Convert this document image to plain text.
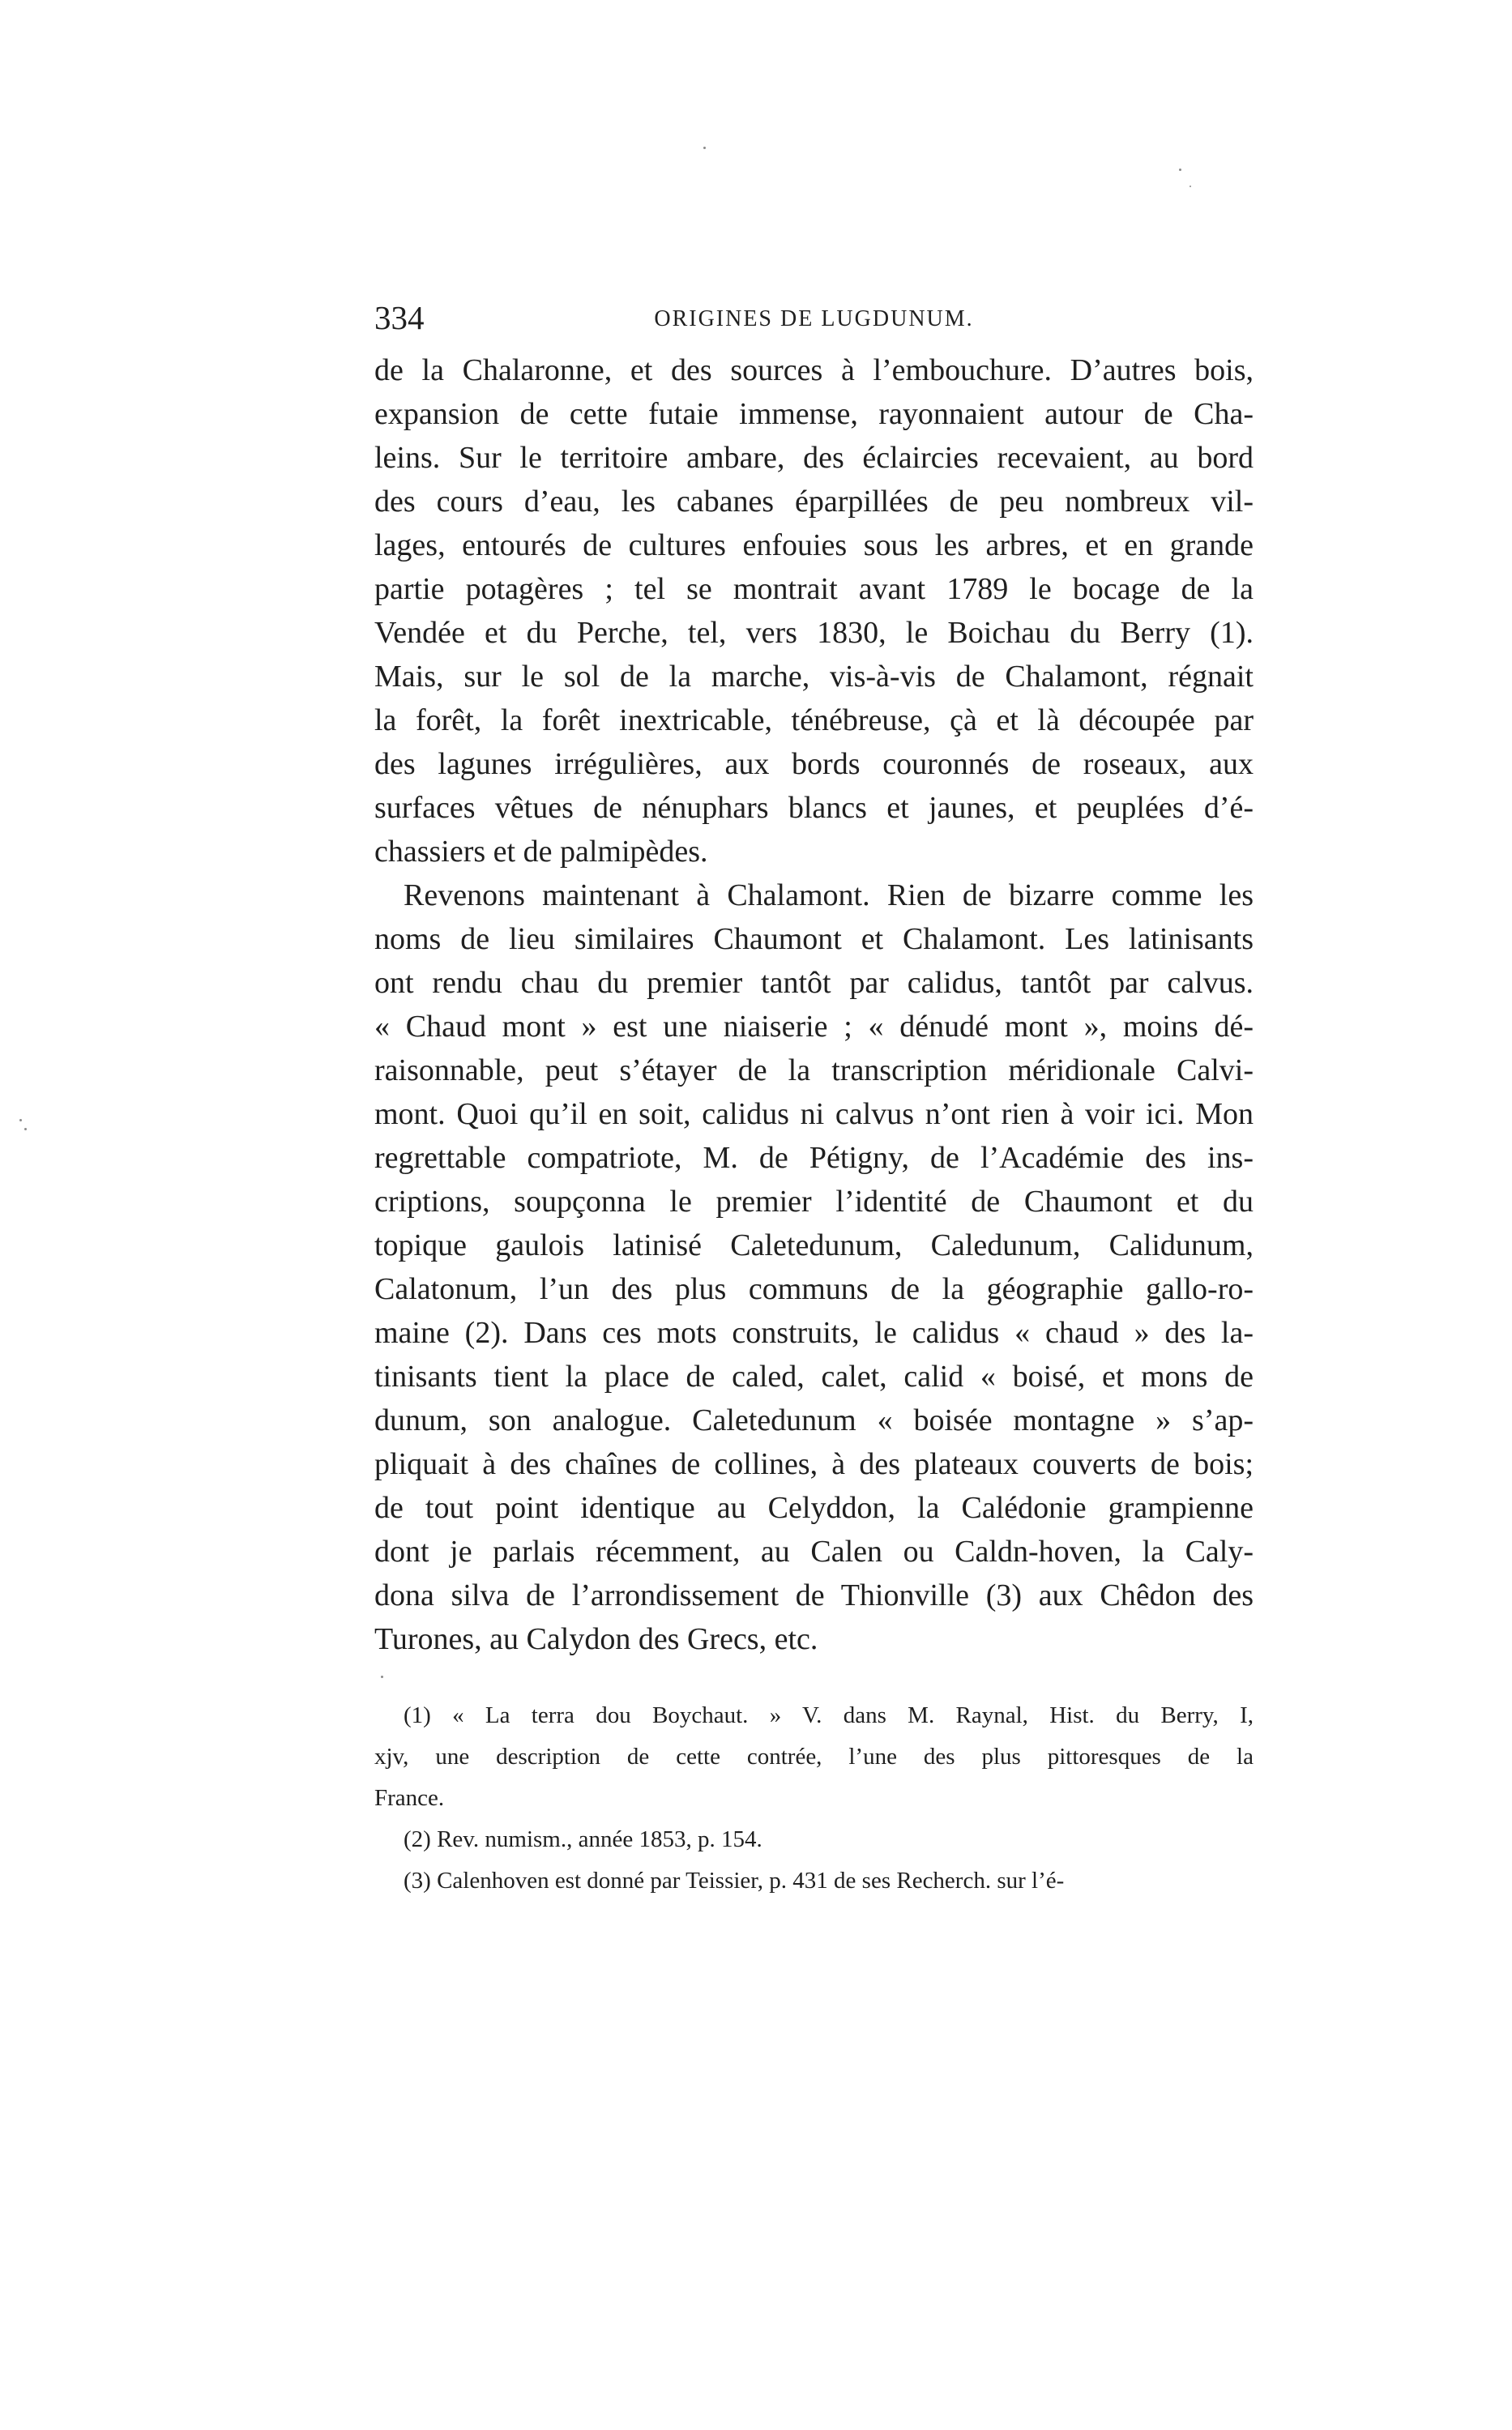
334	ORIGINES DE LUGDUNUM.
de la Chalaronne, et des sources à l’embouchure. D’autres bois,
expansion de cette futaie immense, rayonnaient autour de Cha-
leins. Sur le territoire ambare, des éclaircies recevaient, au bord
des cours d’eau, les cabanes éparpillées de peu nombreux vil-
lages, entourés de cultures enfouies sous les arbres, et en grande
partie potagères ; tel se montrait avant 1789 le bocage de la
Vendée et du Perche, tel, vers 1830, le Boichau du Berry (1).
Mais, sur le sol de la marche, vis-à-vis de Chalamont, régnait
la forêt, la forêt inextricable, ténébreuse, çà et là découpée par
des lagunes irrégulières, aux bords couronnés de roseaux, aux
surfaces vêtues de nénuphars blancs et jaunes, et peuplées d’é-
chassiers et de palmipèdes.
Revenons maintenant à Chalamont. Rien de bizarre comme les
noms de lieu similaires Chaumont et Chalamont. Les latinisants
ont rendu chau du premier tantôt par calidus, tantôt par calvus.
« Chaud mont » est une niaiserie ; « dénudé mont », moins dé-
raisonnable, peut s’étayer de la transcription méridionale Calvi-
mont. Quoi qu’il en soit, calidus ni calvus n’ont rien à voir ici. Mon
regrettable compatriote, M. de Pétigny, de l’Académie des ins-
criptions, soupçonna le premier l’identité de Chaumont et du
topique gaulois latinisé Caletedunum, Caledunum, Calidunum,
Calatonum, l’un des plus communs de la géographie gallo-ro-
maine (2). Dans ces mots construits, le calidus « chaud » des la-
tinisants tient la place de caled, calet, calid « boisé, et mons de
dunum, son analogue. Caletedunum « boisée montagne » s’ap-
pliquait à des chaînes de collines, à des plateaux couverts de bois;
de tout point identique au Celyddon, la Calédonie grampienne
dont je parlais récemment, au Calen ou Caldn-hoven, la Caly-
dona silva de l’arrondissement de Thionville (3) aux Chêdon des
Turones, au Calydon des Grecs, etc.
(1) « La terra dou Boychaut. » V. dans M. Raynal, Hist. du Berry, I,
xjv, une description de cette contrée, l’une des plus pittoresques de la
France.
(2) Rev. numism., année 1853, p. 154.
(3) Calenhoven est donné par Teissier, p. 431 de ses Recherch. sur l’é-
